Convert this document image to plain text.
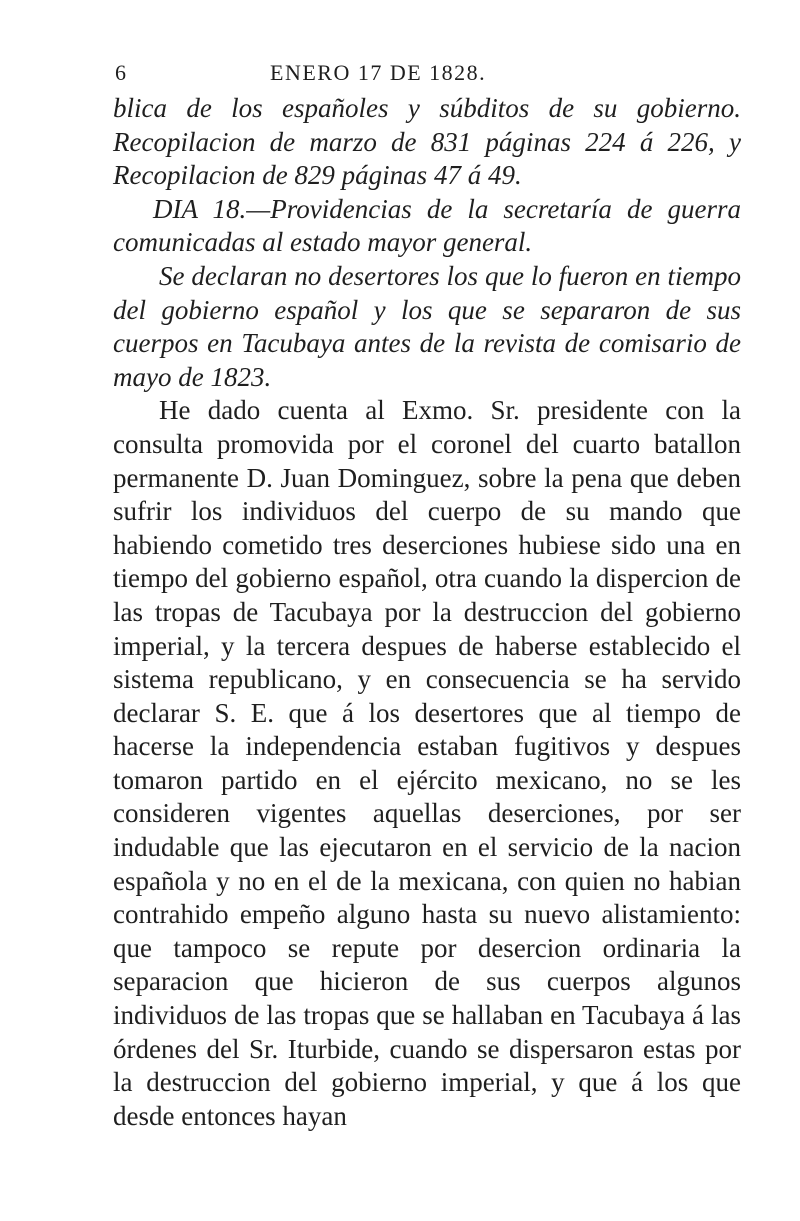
6	ENERO 17 DE 1828.

blica de los españoles y súbditos de su gobierno. Recopilacion de marzo de 831 páginas 224 á 226, y Recopilacion de 829 páginas 47 á 49.

DIA 18.—Providencias de la secretaría de guerra comunicadas al estado mayor general.

Se declaran no desertores los que lo fueron en tiempo del gobierno español y los que se separaron de sus cuerpos en Tacubaya antes de la revista de comisario de mayo de 1823.

He dado cuenta al Exmo. Sr. presidente con la consulta promovida por el coronel del cuarto batallon permanente D. Juan Dominguez, sobre la pena que deben sufrir los individuos del cuerpo de su mando que habiendo cometido tres deserciones hubiese sido una en tiempo del gobierno español, otra cuando la dispercion de las tropas de Tacubaya por la destruccion del gobierno imperial, y la tercera despues de haberse establecido el sistema republicano, y en consecuencia se ha servido declarar S. E. que á los desertores que al tiempo de hacerse la independencia estaban fugitivos y despues tomaron partido en el ejército mexicano, no se les consideren vigentes aquellas deserciones, por ser indudable que las ejecutaron en el servicio de la nacion española y no en el de la mexicana, con quien no habian contrahido empeño alguno hasta su nuevo alistamiento: que tampoco se repute por desercion ordinaria la separacion que hicieron de sus cuerpos algunos individuos de las tropas que se hallaban en Tacubaya á las órdenes del Sr. Iturbide, cuando se dispersaron estas por la destruccion del gobierno imperial, y que á los que desde entonces hayan
